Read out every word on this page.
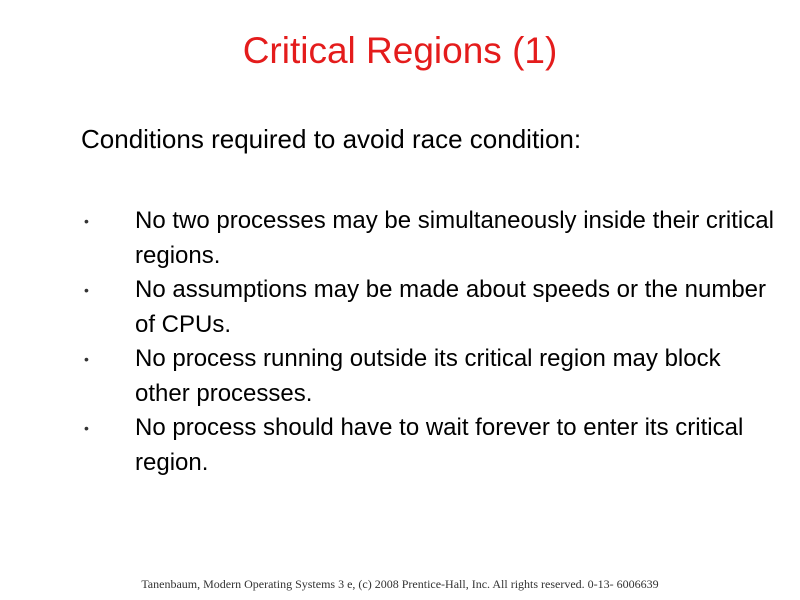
Critical Regions (1)
Conditions required to avoid race condition:
• No two processes may be simultaneously inside their critical regions.
• No assumptions may be made about speeds or the number of CPUs.
• No process running outside its critical region may block other processes.
• No process should have to wait forever to enter its critical region.
Tanenbaum, Modern Operating Systems 3 e, (c) 2008 Prentice-Hall, Inc. All rights reserved. 0-13- 6006639
